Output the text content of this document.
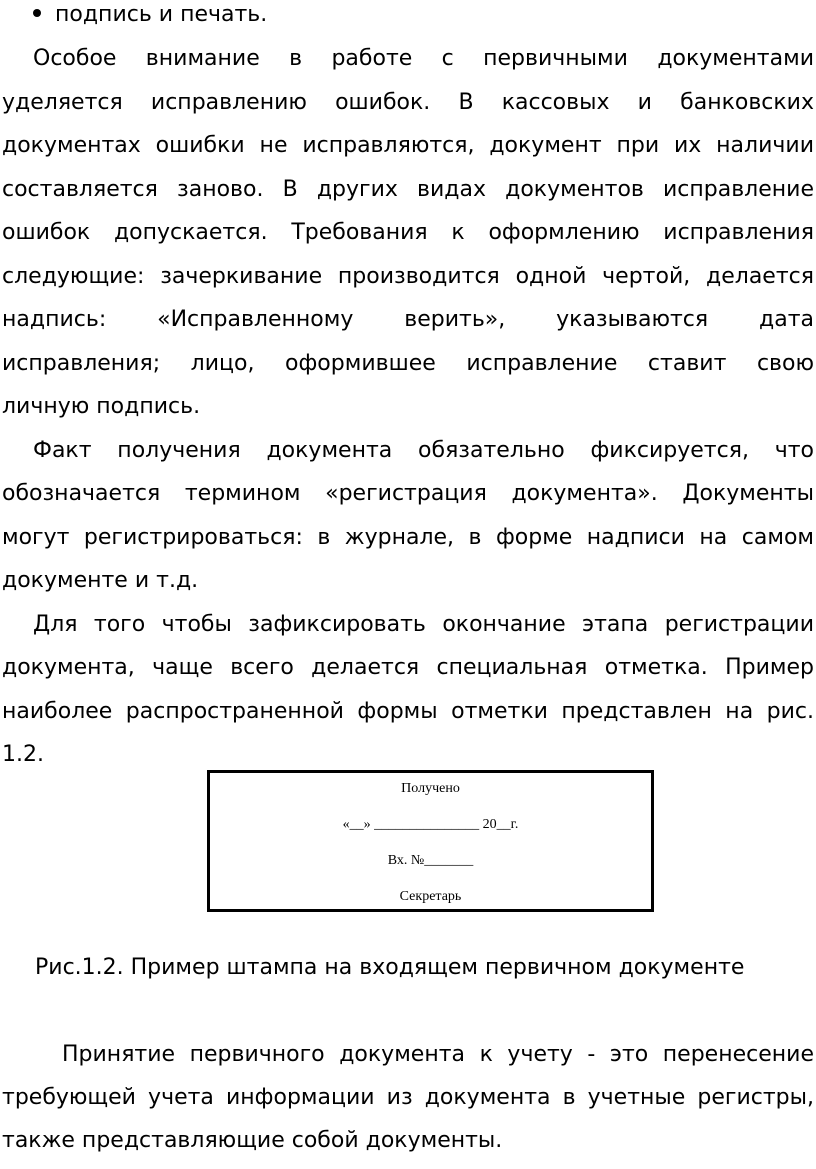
подпись и печать.
Особое внимание в работе с первичными документами
уделяется исправлению ошибок. В кассовых и банковских
документах ошибки не исправляются, документ при их наличии
составляется заново. В других видах документов исправление
ошибок допускается. Требования к оформлению исправления
следующие: зачеркивание производится одной чертой, делается
надпись: «Исправленному верить», указываются дата
исправления; лицо, оформившее исправление ставит свою
личную подпись.
Факт получения документа обязательно фиксируется, что
обозначается термином «регистрация документа». Документы
могут регистрироваться: в журнале, в форме надписи на самом
документе и т.д.
Для того чтобы зафиксировать окончание этапа регистрации
документа, чаще всего делается специальная отметка. Пример
наиболее распространенной формы отметки представлен на рис.
1.2.
Получено
«__» _______________ 20__г.
Вх. №_______
Секретарь
Рис.1.2. Пример штампа на входящем первичном документе
Принятие первичного документа к учету - это перенесение
требующей учета информации из документа в учетные регистры,
также представляющие собой документы.
